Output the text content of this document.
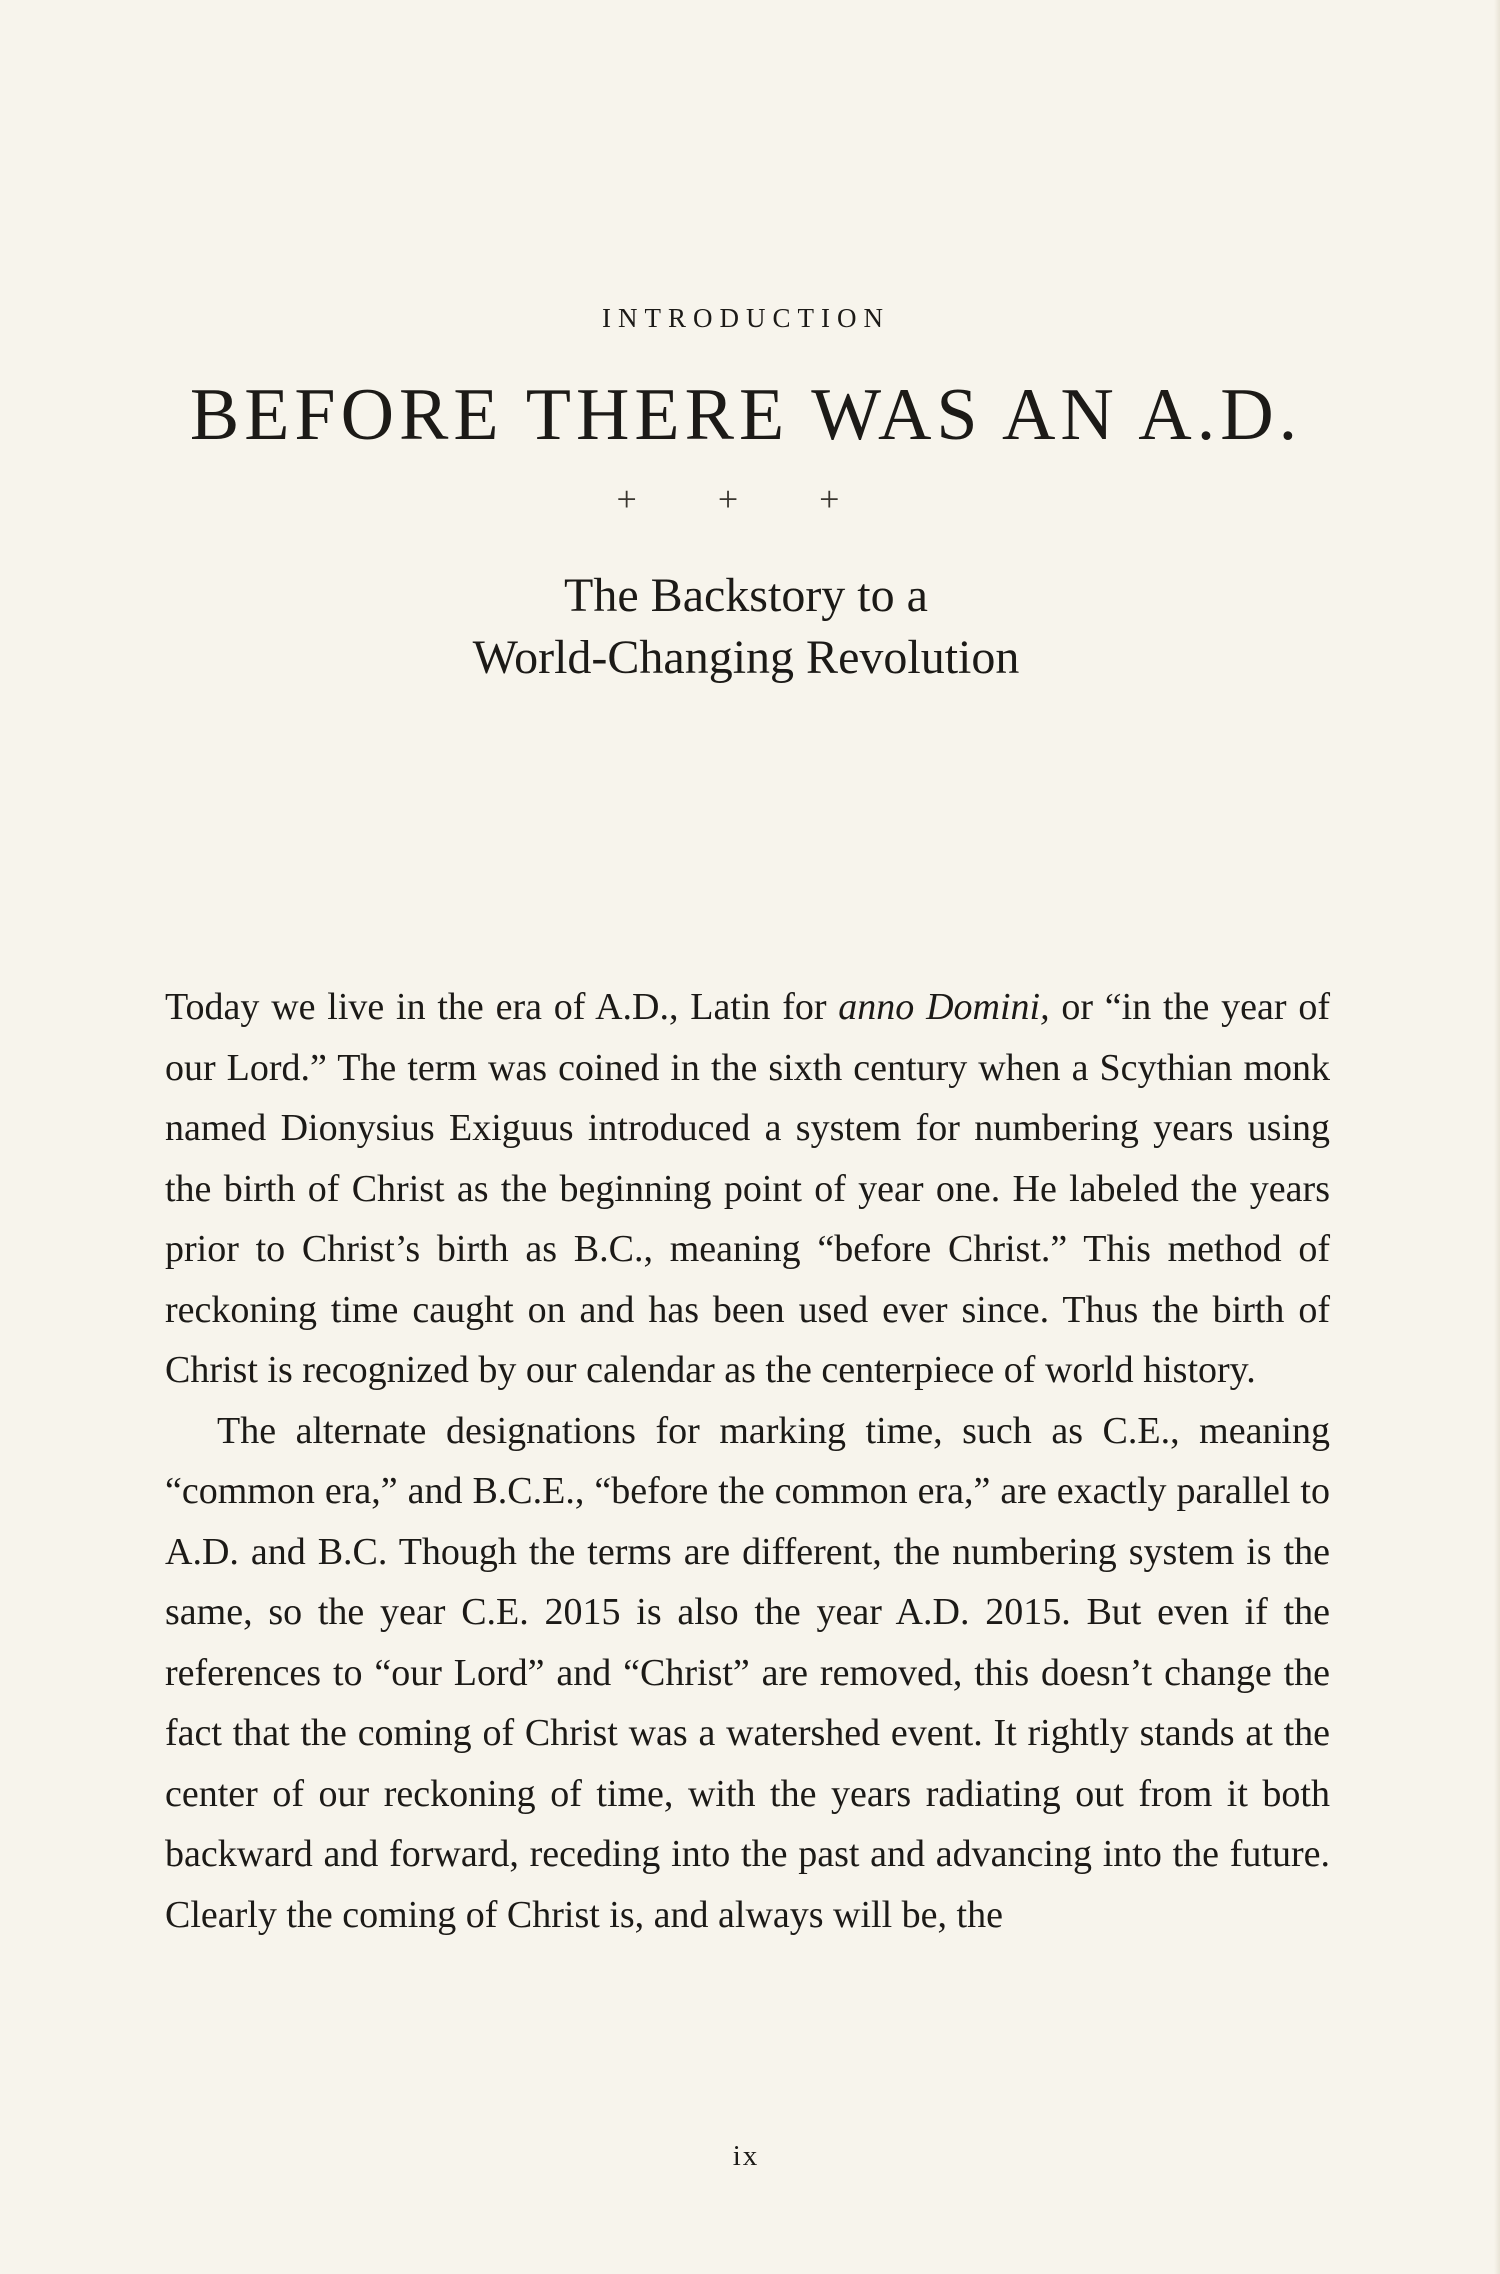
INTRODUCTION
BEFORE THERE WAS AN A.D.
+ + +
The Backstory to a
World-Changing Revolution

Today we live in the era of A.D., Latin for anno Domini, or “in the year of our Lord.” The term was coined in the sixth century when a Scythian monk named Dionysius Exiguus introduced a system for numbering years using the birth of Christ as the beginning point of year one. He labeled the years prior to Christ’s birth as B.C., meaning “before Christ.” This method of reckoning time caught on and has been used ever since. Thus the birth of Christ is recognized by our calendar as the centerpiece of world history.

The alternate designations for marking time, such as C.E., meaning “common era,” and B.C.E., “before the common era,” are exactly parallel to A.D. and B.C. Though the terms are different, the numbering system is the same, so the year C.E. 2015 is also the year A.D. 2015. But even if the references to “our Lord” and “Christ” are removed, this doesn’t change the fact that the coming of Christ was a watershed event. It rightly stands at the center of our reckoning of time, with the years radiating out from it both backward and forward, receding into the past and advancing into the future. Clearly the coming of Christ is, and always will be, the

ix
